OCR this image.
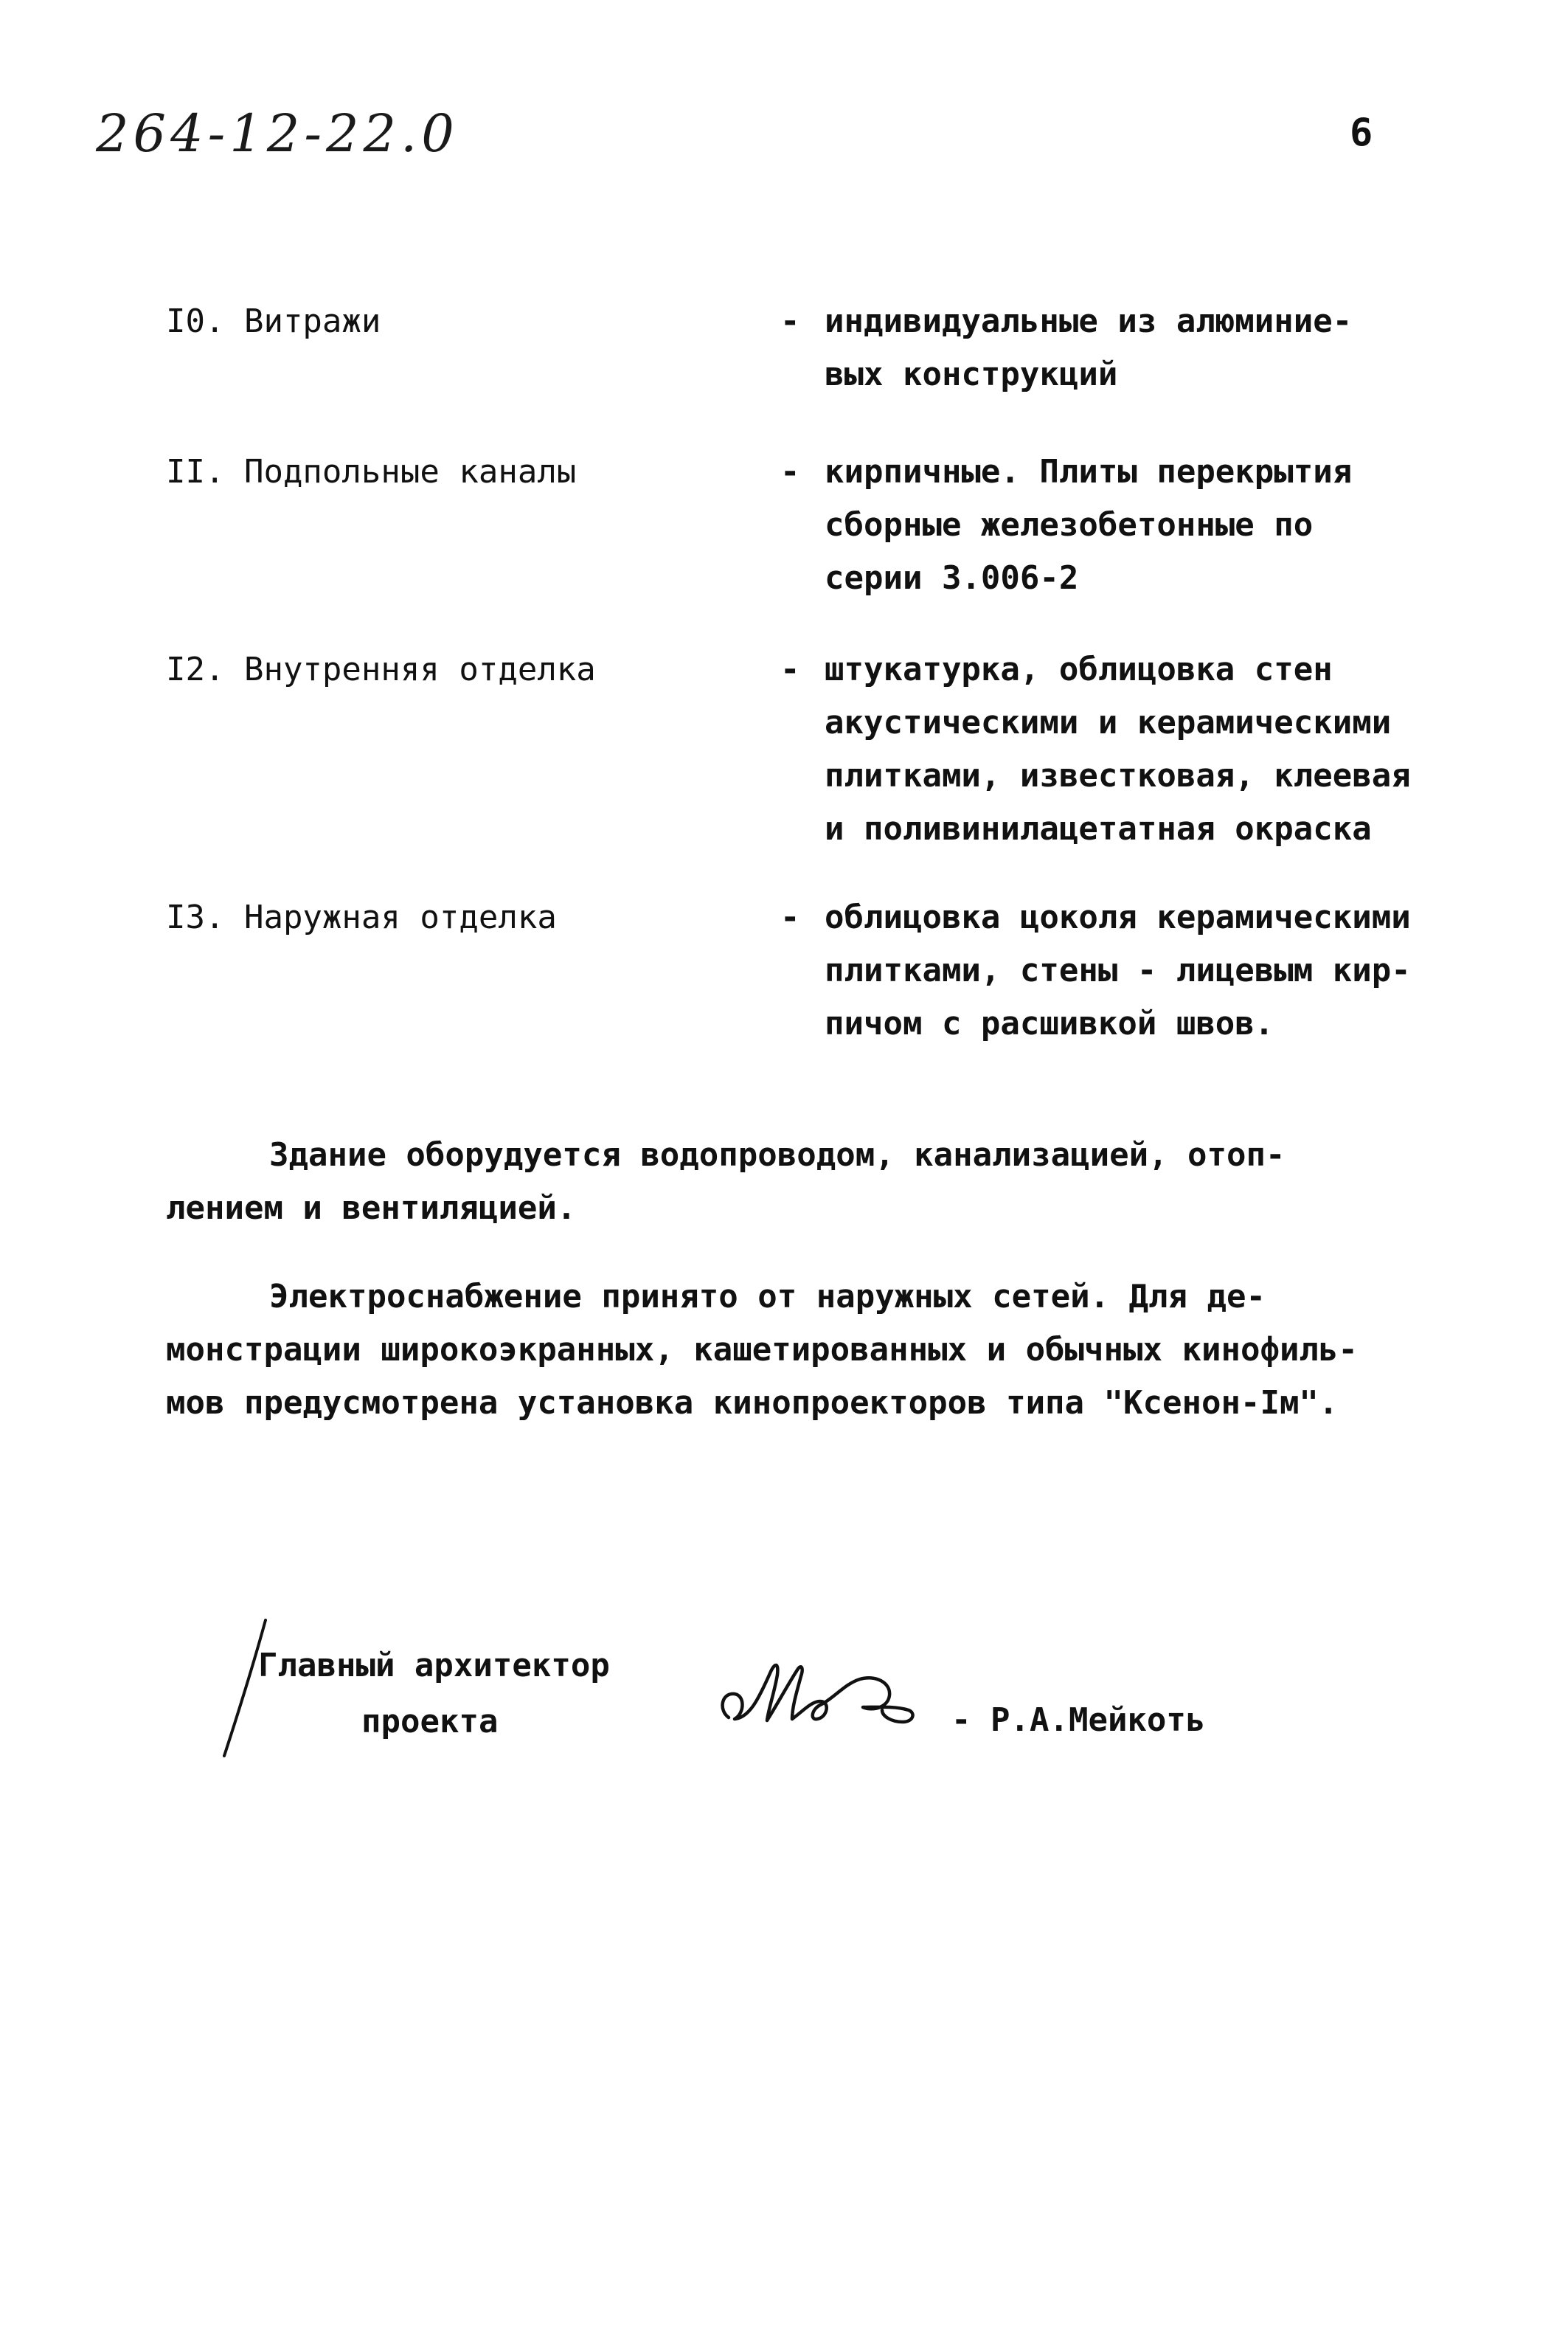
264-12-22.0	6
I0. Витражи	- индивидуальные из алюминие-
вых конструкций
II. Подпольные каналы	- кирпичные. Плиты перекрытия
сборные железобетонные по
серии 3.006-2
I2. Внутренняя отделка	- штукатурка, облицовка стен
акустическими и керамическими
плитками, известковая, клеевая
и поливинилацетатная окраска
I3. Наружная отделка	- облицовка цоколя керамическими
плитками, стены - лицевым кир-
пичом с расшивкой швов.
Здание оборудуется водопроводом, канализацией, отоп-
лением и вентиляцией.
Электроснабжение принято от наружных сетей. Для де-
монстрации широкоэкранных, кашетированных и обычных кинофиль-
мов предусмотрена установка кинопроекторов типа "Ксенон-Iм".
Главный архитектор
проекта	- Р.А.Мейкоть
